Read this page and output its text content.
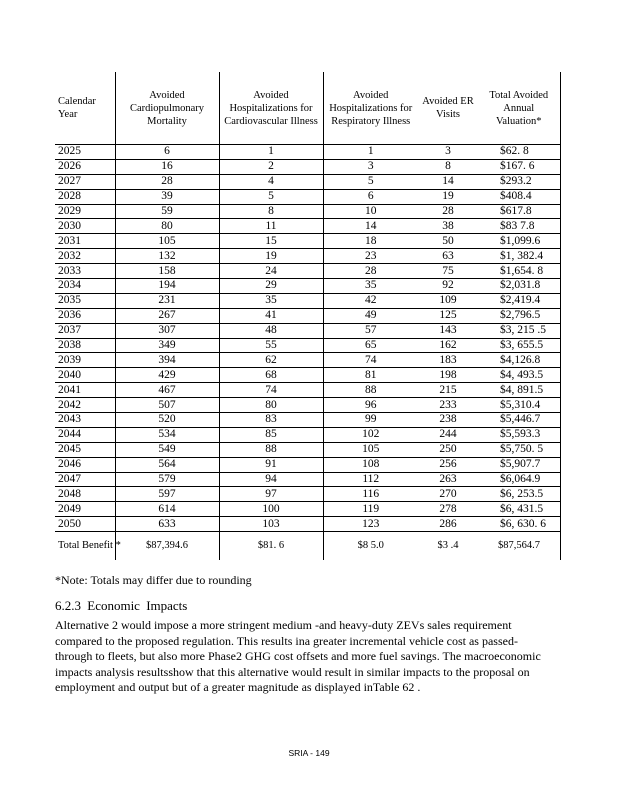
Calendar Year	Avoided Cardiopulmonary Mortality	Avoided Hospitalizations for Cardiovascular Illness	Avoided Hospitalizations for Respiratory Illness	Avoided ER Visits	Total Avoided Annual Valuation*
2025	6	1	1	3	$62. 8
2026	16	2	3	8	$167. 6
2027	28	4	5	14	$293.2
2028	39	5	6	19	$408.4
2029	59	8	10	28	$617.8
2030	80	11	14	38	$83 7.8
2031	105	15	18	50	$1,099.6
2032	132	19	23	63	$1, 382.4
2033	158	24	28	75	$1,654. 8
2034	194	29	35	92	$2,031.8
2035	231	35	42	109	$2,419.4
2036	267	41	49	125	$2,796.5
2037	307	48	57	143	$3, 215 .5
2038	349	55	65	162	$3, 655.5
2039	394	62	74	183	$4,126.8
2040	429	68	81	198	$4, 493.5
2041	467	74	88	215	$4, 891.5
2042	507	80	96	233	$5,310.4
2043	520	83	99	238	$5,446.7
2044	534	85	102	244	$5,593.3
2045	549	88	105	250	$5,750. 5
2046	564	91	108	256	$5,907.7
2047	579	94	112	263	$6,064.9
2048	597	97	116	270	$6, 253.5
2049	614	100	119	278	$6, 431.5
2050	633	103	123	286	$6, 630. 6
Total Benefit *	$87,394.6	$81. 6	$8 5.0	$3 .4	$87,564.7
*Note: Totals may differ due to rounding
6.2.3 Economic Impacts
Alternative 2 would impose a more stringent medium -and heavy-duty ZEVs sales requirement compared to the proposed regulation. This results ina greater incremental vehicle cost as passed-through to fleets, but also more Phase2 GHG cost offsets and more fuel savings. The macroeconomic impacts analysis resultsshow that this alternative would result in similar impacts to the proposal on employment and output but of a greater magnitude as displayed inTable 62 .
SRIA - 149
